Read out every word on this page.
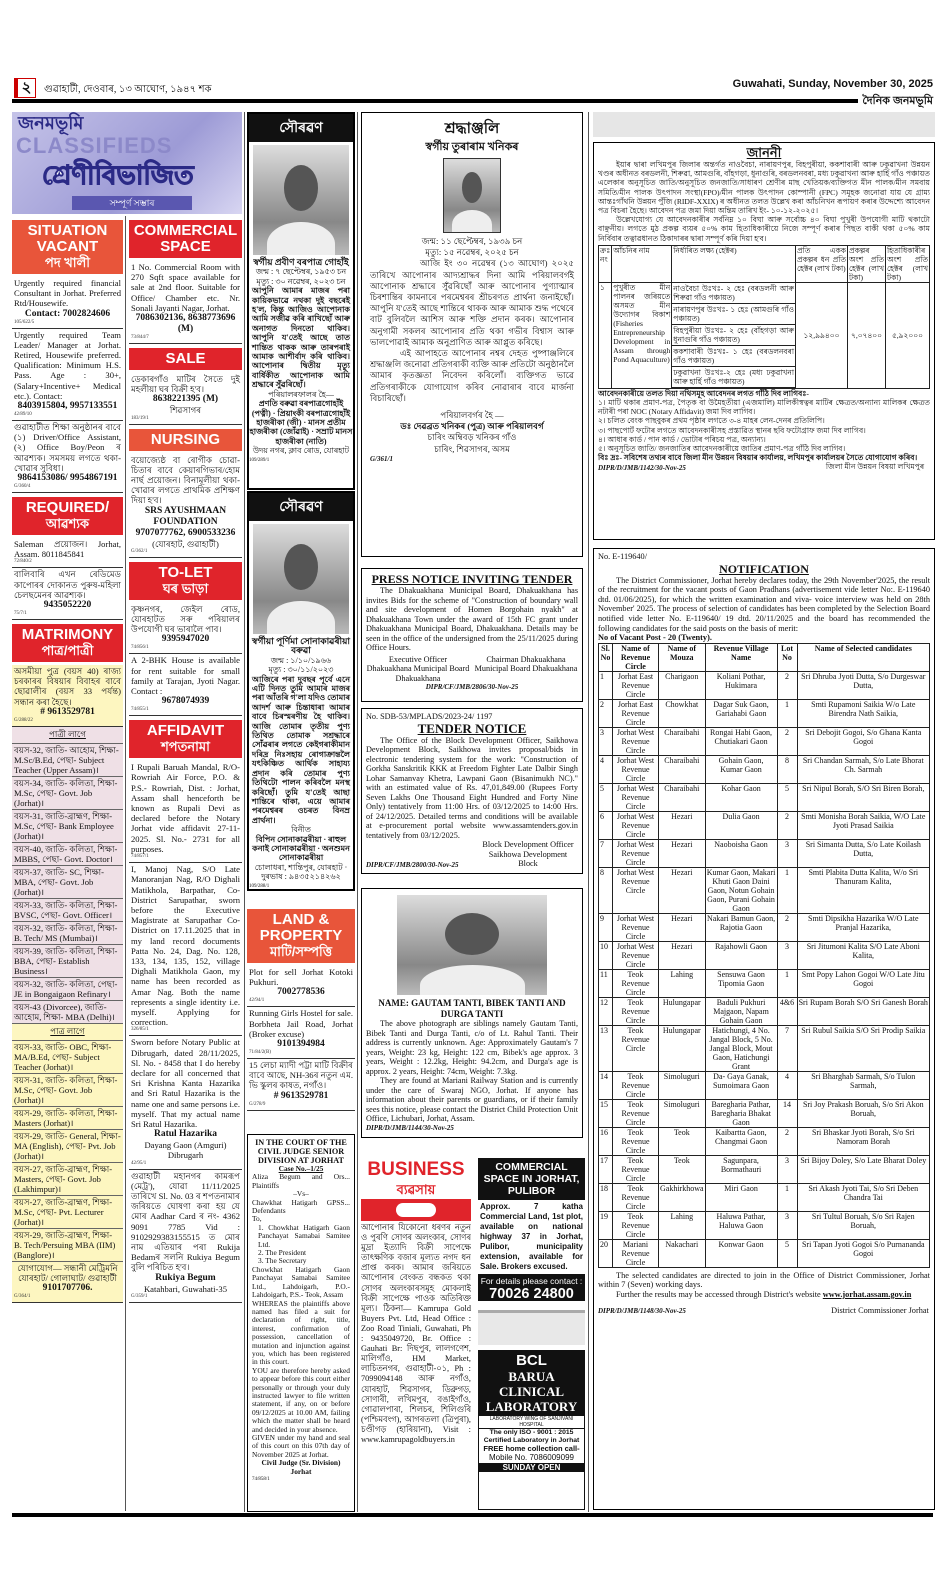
২	গুৱাহাটী, দেওবাৰ, ১৩ আঘোণ, ১৯৪৭ শক	Guwahati, Sunday, November 30, 2025
দৈনিক জনমভূমি
জনমভূমি
CLASSIFIEDS
শ্ৰেণীবিভাজিত
সম্পূৰ্ণ সম্ভাৰ
SITUATION VACANT
পদ খালী
Urgently required financial Consultant in Jorhat. Preferred Rtd/Housewife.
Contact: 7002824606
105/622/5
Urgently required Team Leader/ Manager at Jorhat. Retired, Housewife preferred. Qualification: Minimum H.S. Pass. Age : 30+, (Salary+Incentive+ Medical etc.). Contact:
8403915804, 9957133551
42/89/10
গুৱাহাটীত শিক্ষা অনুষ্ঠানৰ বাবে (১) Driver/Office Assistant, (২) Office Boy/Peon ৰ আৱশ্যক। সমসময় লগতে থকা-খোৱাৰ সুবিধা।
9864153086/ 9954867191
G/360/4
REQUIRED/
আৱশ্যক
Saleman প্ৰয়োজন। Jorhat, Assam. 8011845841
72/840/2
বালিবাৰি এখন ৰেডিমেড কাপোৰৰ দোকানত পুৰুষ-মহিলা চেলছমেনৰ আৱশ্যক।
9435052220
75/7/1
MATRIMONY
পাত্ৰ/পাত্ৰী
অসমীয়া পুত্ৰ (বয়স 40) ৰাজ্য চৰকাৰৰ বিষয়াৰ বিবাহৰ বাবে ছোৱালীৰ (বয়স 33 পৰ্যন্ত) সন্ধান কৰা হৈছে।
# 9613529781
G/288/22
পাত্ৰী লাগে
বয়স-32, জাতি- আহোম, শিক্ষা- M.Sc/B.Ed, পেছা- Subject Teacher (Upper Assam)।
বয়স-34, জাতি- কলিতা, শিক্ষা- M.Sc, পেছা- Govt. Job (Jorhat)।
বয়স-31, জাতি-ব্ৰাহ্মণ, শিক্ষা- M.Sc, পেছা- Bank Employee (Jorhat)।
বয়স-40, জাতি- কলিতা, শিক্ষা- MBBS, পেছা- Govt. Doctor।
বয়স-37, জাতি- SC, শিক্ষা- MBA, পেছা- Govt. Job (Jorhat)।
বয়স-33, জাতি- কলিতা, শিক্ষা- BVSC, পেছা- Govt. Officer।
বয়স-32, জাতি- কলিতা, শিক্ষা- B. Tech/ MS (Mumbai)।
বয়স-39, জাতি- কলিতা, শিক্ষা- BBA, পেছা- Establish Business।
বয়স-32, জাতি- কলিতা, পেছা- JE in Bongaigaon Refinary।
বয়স-43 (Divorcee), জাতি- আহোম, শিক্ষা- MBA (Delhi)।
পাত্ৰ লাগে
বয়স-33, জাতি- OBC, শিক্ষা- MA/B.Ed, পেছা- Subject Teacher (Jorhat)।
বয়স-31, জাতি- কলিতা, শিক্ষা- M.Sc, পেছা- Govt. Job (Jorhat)।
বয়স-29, জাতি- কলিতা, শিক্ষা- Masters (Jorhat)।
বয়স-29, জাতি- General, শিক্ষা- MA (English), পেছা- Pvt. Job (Jorhat)।
বয়স-27, জাতি-ব্ৰাহ্মণ, শিক্ষা- Masters, পেছা- Govt. Job (Lakhimpur)।
বয়স-27, জাতি-ব্ৰাহ্মণ, শিক্ষা- M.Sc, পেছা- Pvt. Lecturer (Jorhat)।
বয়স-29, জাতি-ব্ৰাহ্মণ, শিক্ষা- B. Tech/Persuing MBA (IIM) (Banglore)।
যোগাযোগ— সন্ধানী মেট্ৰিমনি যোৰহাট/ গোলাঘাট/ গুৱাহাটী
9101707706.
G/364/1
COMMERCIAL SPACE
1 No. Commercial Room with 270 Sqft space available for sale at 2nd floor. Suitable for Office/ Chamber etc. Nr. Sonali Jayanti Nagar, Jorhat.
7086302136, 8638773696 (M)
73/844/7
SALE
ডেকাৰগাঁও মাটিৰ সৈতে দুই মহলীয়া ঘৰ বিক্ৰী হ'ব।
8638221395 (M)
শিৱসাগৰ
183/19/1
NURSING
বয়োজ্যেষ্ঠ বা ৰোগীক চোৱা-চিতাৰ বাবে কেয়াৰগিভাৰ/হোম নাৰ্ছ প্ৰয়োজন। বিনামূলীয়া থকা-খোৱাৰ লগতে প্ৰাথমিক প্ৰশিক্ষণ দিয়া হ'ব।
SRS AYUSHMAAN FOUNDATION 9707077762, 6900533236
(যোৰহাট, গুৱাহাটী)
G/362/1
TO-LET
ঘৰ ভাড়া
কৃষ্ণনগৰ, জেইল ৰোড, যোৰহাটত সৰু পৰিয়ালৰ উপযোগী ঘৰ ভাৰালৈ পাব।
9395947020
74/856/1
A 2-BHK House is available for rent suitable for small family at Tarajan, Jyoti Nagar. Contact :
9678074939
74/855/1
AFFIDAVIT
শপতনামা
I Rupali Baruah Mandal, R/O- Rowriah Air Force, P.O. & P.S.- Rowriah, Dist. : Jorhat, Assam shall henceforth be known as Rupali Devi as declared before the Notary Jorhat vide affidavit 27-11-2025. Sl. No.- 2731 for all purposes.
74/857/1
I, Manoj Nag, S/O Late Manoranjan Nag, R/O Dighali Matikhola, Barpathar, Co-District Sarupathar, sworn before the Executive Magistrate at Sarupathar Co-District on 17.11.2025 that in my land record documents Patta No. 24, Dag. No. 128, 133, 134, 135, 152, village Dighali Matikhola Gaon, my name has been recorded as Amar Nag. Both the name represents a single identity i.e. myself. Applying for correction.
326/85/1
Sworn before Notary Public at Dibrugarh, dated 28/11/2025, Sl. No. - 8458 that I do hereby declare for all concerned that Sri Krishna Kanta Hazarika and Sri Ratul Hazarika is the name one and same persons i.e. myself. That my actual name Sri Ratul Hazarika.
Ratul Hazarika
Dayang Gaon (Amguri) Dibrugarh
42/95/1
গুৱাহাটী মহানগৰ কামৰূপ (মেট্ৰ'), যোৱা 11/11/2025 তাৰিখে Sl. No. 03 ৰ শপতনামাৰ জৰিয়তে ঘোষণা কৰা হয় যে মোৰ Aadhar Card ৰ নং- 4362 9091 7785 Vid : 9102929383155515 ত মোৰ নাম এতিয়াৰ পৰা Rukija Bedamৰ সলনি Rukiya Begum বুলি পৰিচিত হ'ব।
Rukiya Begum
Katahbari, Guwahati-35
G/359/1
সৌৰৱণ
স্বৰ্গীয় প্ৰবীণ বৰপাত্ৰ গোহাঁই
জন্ম : ৭ ছেপ্টেম্বৰ, ১৯৫৩ চন
মৃত্যু : ৩০ নৱেম্বৰ, ২০২৩ চন
আপুনি আমাৰ মাজৰ পৰা কায়িকভাৱে নথকা দুই বছৰেই হ'ল, কিন্তু আজিও আপোনাক আমি সজীৱ কৰি ৰাখিছোঁ আৰু অনাগত দিনতো থাকিব। আপুনি য'তেই আছে তাত শান্তিত থাকক আৰু তাৰপৰাই আমাক আশীৰ্বাদ কৰি থাকিব। আপোনাৰ দ্বিতীয় মৃত্যু বাৰ্ষিকীত আপোনাক আমি শ্ৰদ্ধাৰে সুঁৱৰিছোঁ।
পৰিয়ালৰফালৰ হৈ—
প্ৰণতি বৰুৱা বৰপাত্ৰগোহাঁই (পত্নী) · প্ৰিয়াংকী বৰপাত্ৰগোহাঁই হাজৰীকা (জী) · মানস প্ৰতীম হাজৰীকা (জোঁৱাই) · সম্ৰাট মানস হাজৰীকা (নাতি)
উদয় নগৰ, ক্লাব ৰোড, যোৰহাট
109/289/1
সৌৰৱণ
স্বৰ্গীয়া পূৰ্ণিমা সোনাকাৱৰীয়া বৰুৱা
জন্ম : ১/১০/১৯৬৬
মৃত্যু : ৩০/১১/২০২৩
আজিৰে পৰা দুবছৰ পূৰ্বে এনে এটি দিনত তুমি আমাৰ মাজৰ পৰা আঁতৰি গ'লা যদিও তোমাৰ আদৰ্শ আৰু চিন্তাধাৰা আমাৰ বাবে চিৰস্মৰণীয় হৈ থাকিব। আজি তোমাৰ তৃতীয় পুণ্য তিথিত তোমাক সশ্ৰদ্ধাৰে সোঁৱৰাৰ লগতে কেইগৰাকীমান দৰিদ্ৰ নিঃসহায় ৰোগাক্ৰান্তলৈ যৎকিঞ্চিত আৰ্থিক সাহায্য প্ৰদান কৰি তোমাৰ পুণ্য তিথিটো পালন কৰিবলৈ মনস্থ কৰিছোঁ। তুমি য'তেই আছা শান্তিৰে থাকা, এয়ে আমাৰ পৰমেশ্বৰৰ ওচৰত বিনম্ৰ প্ৰাৰ্থনা।
বিনীত
বিপিন সোনাকাৱৰীয়া · ৰাহুল কনাই সোনাকাৱৰীয়া · অনশুমন সোনাকাৱৰীয়া
চোলাধৰা, শান্তিপুৰ, যোৰহাট · দুৰভাষ : ৯৪৩৫২১৪২৬২
109/288/1
LAND & PROPERTY
মাটি/সম্পত্তি
Plot for sell Jorhat Kotoki Pukhuri.
7002778536
42/94/1
Running Girls Hostel for sale. Borbheta Jail Road, Jorhat (Broker excuse)
9101394984
71/84/2(B)
15 লেচা ম্যাদী পট্টা মাটি বিক্ৰীৰ বাবে আছে, NH-36ৰ নতুন এম. ভি স্কুলৰ কাষত, নগাঁও।
# 9613529781
G/278/9
IN THE COURT OF THE CIVIL JUDGE SENIOR DIVISION AT JORHAT
Case No.–1/25
Aliza Begum and Ors... Plaintiffs
–Vs–
Chawkhat Hatigarh GPSS... Defendants
To,
1. Chowkhat Hatigarh Gaon Panchayat Samabai Samitee Ltd.
2. The President
3. The Secretary
Chowkhat Hatigarh Gaon Panchayat Samabai Samitee Ltd., Lahdoigarh, P.O.- Lahdoigarh, P.S.- Teok, Assam
WHEREAS the plaintiffs above named has filed a suit for declaration of right, title, interest, confirmation of possession, cancellation of mutation and injunction against you, which has been registered in this court.
YOU are therefore hereby asked to appear before this court either personally or through your duly instructed lawyer to file written statement, if any, on or before 09/12/2025 at 10.00 AM, failing which the matter shall be heard and decided in your absence.
GIVEN under my hand and seal of this court on this 07th day of November 2025 at Jorhat.
Civil Judge (Sr. Division) Jorhat
74/858/1
শ্ৰদ্ধাঞ্জলি
স্বৰ্গীয় তুৰাৰাম খনিকৰ
জন্ম: ১১ ছেপ্টেম্বৰ, ১৯৩৯ চন
মৃত্যু: ১৫ নৱেম্বৰ, ২০২৫ চন
আজি ইং ৩০ নৱেম্বৰ (১৩ আঘোণ) ২০২৫ তাৰিখে আপোনাৰ আদ্যশ্ৰাদ্ধৰ দিনা আমি পৰিয়ালবৰ্গই আপোনাক শ্ৰদ্ধাৰে সুঁৱৰিছোঁ আৰু আপোনাৰ পুণ্যাত্মাৰ চিৰশান্তিৰ কামনাৰে পৰমেশ্বৰৰ শ্ৰীচৰণত প্ৰাৰ্থনা জনাইছোঁ। আপুনি য'তেই আছে শান্তিৰে থাকক আৰু আমাক শুদ্ধ পথেৰে বাট বুলিবলৈ আশিস আৰু শক্তি প্ৰদান কৰক। আপোনাৰ অনুগামী সকলৰ আপোনাৰ প্ৰতি থকা গভীৰ বিশ্বাস আৰু ভালপোৱাই আমাক অনুপ্ৰাণিত আৰু আপ্লুত কৰিছে।
এই আপাহতে আপোনাৰ নশ্বৰ দেহত পুষ্পাঞ্জলিৰে শ্ৰদ্ধাঞ্জলি জনোৱা প্ৰতিগৰাকী ব্যক্তি আৰু প্ৰতিটো অনুষ্ঠানলৈ আমাৰ কৃতজ্ঞতা নিবেদন কৰিলোঁ। ব্যক্তিগত ভাৱে প্ৰতিগৰাকীকে যোগাযোগ কৰিব নোৱাৰাৰ বাবে মাৰ্জনা বিচাৰিছোঁ।
পৰিয়ালবৰ্গৰ হৈ —
ডঃ দেৱব্ৰত খনিকৰ (পুত্ৰ) আৰু পৰিয়ালবৰ্গ
চাৰিং অম্বিবড় খনিকৰ গাঁও
চাৰিং, শিৱসাগৰ, অসম
G/361/1
PRESS NOTICE INVITING TENDER
The Dhakuakhana Municipal Board, Dhakuakhana has invites Bids for the scheme of "Construction of boundary wall and site development of Homen Borgohain nyakh" at Dhakuakhana Town under the award of 15th FC grant under Dhakuakhana Municipal Board, Dhakuakhana. Details may be seen in the office of the undersigned from the 25/11/2025 during Office Hours.
Executive Officer Dhakuakhana Municipal Board Dhakuakhana
Chairman Dhakuakhana Municipal Board Dhakuakhana
DIPR/CF/JMB/2806/30-Nov-25
No. SDB-53/MPLADS/2023-24/ 1197
TENDER NOTICE
The Office of the Block Development Officer, Saikhowa Development Block, Saikhowa invites proposal/bids in electronic tendering system for the work: "Construction of Gorkha Sanskritik KKK at Freedom Fighter Late Dalbir Singh Lohar Samanvay Khetra, Lawpani Gaon (Bisanimukh NC)." with an estimated value of Rs. 47,01,849.00 (Rupees Forty Seven Lakhs One Thousand Eight Hundred and Forty Nine Only) tentatively from 11:00 Hrs. of 03/12/2025 to 14:00 Hrs. of 24/12/2025. Detailed terms and conditions will be available at e-procurement portal website www.assamtenders.gov.in tentatively from 03/12/2025.
DIPR/CF/JMB/2800/30-Nov-25
Block Development Officer Saikhowa Development Block
NAME: GAUTAM TANTI, BIBEK TANTI AND DURGA TANTI
The above photograph are siblings namely Gautam Tanti, Bibek Tanti and Durga Tanti, c/o of Lt. Rahul Tanti. Their address is currently unknown. Age: Approximately Gautam's 7 years, Weight: 23 kg, Height: 122 cm, Bibek's age approx. 3 years, Weight : 12.2kg, Height: 94.2cm, and Durga's age is approx. 2 years, Height: 74cm, Weight: 7.3kg.
They are found at Mariani Railway Station and is currently under the care of Swaraj NGO, Jorhat. If anyone has information about their parents or guardians, or if their family sees this notice, please contact the District Child Protection Unit Office, Lichubari, Jorhat, Assam.
DIPR/D/JMB/1144/30-Nov-25
BUSINESS
ব্যৱসায়
আপোনাৰ যিকোনো ধৰণৰ নতুন ও পুৰণি সোণৰ অলংকাৰ, সোণৰ মুদ্ৰা ইত্যাদি বিক্ৰী সাপেক্ষে তাৎক্ষণিক বজাৰ মূল্যত নগদ ধন প্ৰাপ্ত কৰক। আমাৰ জৰিয়তে আপোনাৰ বেংকত বন্ধকত থকা সোণৰ অলংকাৰসমূহ মোকলাই বিক্ৰী সাপেক্ষে পাওক অতিৰিক্ত মূল্য। ঠিকনা— Kamrupa Gold Buyers Pvt. Ltd, Head Office : Zoo Road Tiniali, Guwahati, Ph : 9435049720, Br. Office : Gauhati Br: দিছপুৰ, লালগণেশ, মালিগাঁও, HM Market, লাচিতনগৰ, গুৱাহাটী-০১, Ph : 7099094148 আৰু নগাঁও, যোৰহাট, শিৱসাগৰ, ডিব্ৰুগড়, সোণাৰী, লখিমপুৰ, বঙাইগাঁও, গোৱালপাৰা, শিলচৰ, শিলিগুৰি (পশ্চিমবংগ), আগৰতলা (ত্ৰিপুৰা), চণ্ডীগড় (হাৰিয়ানা), Visit : www.kamrupagoldbuyers.in
COMMERCIAL SPACE IN JORHAT, PULIBOR
Approx. 7 katha Commercial Land, 1st plot, available on national highway 37 in Jorhat, Pulibor, municipality extension, available for Sale. Brokers excused.
For details please contact :
70026 24800
BCL
BARUA
CLINICAL
LABORATORY
LABORATORY WING OF SANJIVANI HOSPITAL
The only ISO - 9001 : 2015 Certified Laboratory in Jorhat
FREE home collection call-
Mobile No. 7086009099
SUNDAY OPEN
জাননী
ইয়াৰ দ্বাৰা লখিমপুৰ জিলাৰ অন্তৰ্গত নাওবৈচা, নাৰায়ণপুৰ, বিহপুৰীয়া, ককশাবাৰী আৰু ঢকুৱাখনা উন্নয়ন খণ্ডৰ অধীনত বৰডলনী, শিৰুৱা, আমগুৰি, বাঁহগড়া, ধুনাগুৰি, বৰডলনবৰা, মধ্য ঢকুৱাখনা আৰু হাৰ্হি গাঁও পঞ্চায়ত এলেকাৰ অনুসূচিত জাতি/অনুসূচিত জনজাতি/সাধাৰণ শ্ৰেণীৰ মাছ খেতিয়ক/ব্যক্তিগত মীন পালক/মীন সমবায় সমিতি/মীন পালক উৎপাদন সংস্থা(FPO)/মীন পালক উৎপাদন কোম্পানী (FPC) সমূহক জনোৱা যায় যে গ্ৰাম্য আন্তঃগাঁথনি উন্নয়ন পুঁজি (RIDF-XXIX) ৰ অধীনত তলত উল্লেখ কৰা আঁচনিখন ৰূপায়ণ কৰাৰ উদ্দেশ্যে আবেদন পত্ৰ বিচৰা হৈছে। আবেদন পত্ৰ জমা দিয়া অন্তিম তাৰিখ ইং- ১০-১২-২০২৫।
উল্লেখযোগ্য যে আবেদনকাৰীৰ সৰ্বনিম্ন ১০ বিঘা আৰু সৰ্বোচ্চ ৪০ বিঘা পুখুৰী উপযোগী মাটি থকাটো বাঞ্ছনীয়। লগতে মুঠ প্ৰকল্প ব্যয়ৰ ৫০% কাম হিতাধিকাৰীয়ে নিজে সম্পূৰ্ণ কৰাৰ পিছত বাকী থকা ৫০% কাম নিৰ্বিবাৰ তত্বাৱধানত ঠিকাদাৰৰ দ্বাৰা সম্পূৰ্ণ কৰি দিয়া হ'ব।
ক্ৰঃ নং	আঁচনিৰ নাম	নিৰ্ধাৰিত লক্ষ্য (হেক্টৰ)	প্ৰতি একক প্ৰকল্পৰ ধন প্ৰতি হেক্টৰ (লাখ টকা)	প্ৰকল্পৰ অংশ প্ৰতি হেক্টৰ (লাখ টকা)	হিতাধিকাৰীৰ অংশ প্ৰতি হেক্টৰ (লাখ টকা)
১	পুখুৰীত মীন পালনৰ জৰিয়তে অসমত মীন উদ্যোগৰ বিকাশ (Fisheries Entrepreneurship Development in Assam through Pond Aquaculture)	নাওবৈচা উঃখঃ- ২ হেঃ (বৰডলনী আৰু শিৰুৱা গাঁও পঞ্চায়ত)
নাৰায়ণপুৰ উঃখঃ- ১ হেঃ (আমগুৰি গাঁও পঞ্চায়ত)
বিহপুৰীয়া উঃখঃ- ২ হেঃ (বাঁহগড়া আৰু ধুনাগুৰি গাঁও পঞ্চায়ত)
ককশাবাৰী উঃখঃ- ১ হেঃ (বৰডলনবৰা গাঁও পঞ্চায়ত)
ঢকুৱাখনা উঃখঃ-২ হেঃ (মধ্য ঢকুৱাখনা আৰু হাৰ্হি গাঁও পঞ্চায়ত)	১২,৯৯৪০০	৭,০৭৪০০	৫,৯২০০০
আবেদনকাৰীয়ে তলত দিয়া নথিসমূহ আবেদনৰ লগত গাঁঠি দিব লাগিবঃ-
১। মাটি থকাৰ প্ৰমাণ-পত্ৰ, পৈতৃক বা উমৈহতীয়া (এজমালি) মালিকীস্বত্বৰ মাটিৰ ক্ষেত্ৰত/অন্যান্য মালিকৰ ক্ষেত্ৰত নটাৰী পৰা NOC (Notary Affidavit) জমা দিব লাগিব।
২। চলিত বেংক পাছবুকৰ প্ৰথম পৃষ্ঠাৰ লগতে ৩-৪ মাহৰ লেন-দেনৰ প্ৰতিলিপি।
৩। পাছপোৰ্ট ফটোৰ লগতে আবেদনকাৰীসহ প্ৰস্তাৱিত স্থানৰ ছবি ফটোগ্ৰাফ জমা দিব লাগিব।
৪। আধাৰ কাৰ্ড / পান কাৰ্ড / ভোটাৰ পৰিচয় পত্ৰ, অন্যান্য।
৫। অনুসূচিত জাতি/ জনজাতিৰ আবেদনকাৰীয়ে জাতিৰ প্ৰমাণ-পত্ৰ গাঁঠি দিব লাগিব।
বিঃ দ্ৰঃ- সবিশেষ তথ্যৰ বাবে জিলা মীন উন্নয়ন বিষয়াৰ কাৰ্যালয়, লখিমপুৰ কাৰ্যালয়ৰ সৈতে যোগাযোগ কৰিব।
DIPR/D/JMB/1142/30-Nov-25	জিলা মীন উন্নয়ন বিষয়া লখিমপুৰ
No. E-119640/
NOTIFICATION
The District Commissioner, Jorhat hereby declares today, the 29th November'2025, the result of the recruitment for the vacant posts of Gaon Pradhans (advertisement vide letter No:. E-119640 dtd. 01/06/2025), for which the written examination and viva- voice interview was held on 28th November' 2025. The process of selection of candidates has been completed by the Selection Board notified vide letter No. E-119640/ 19 dtd. 20/11/2025 and the board has recommended the following candidates for the said posts on the basis of merit:
No of Vacant Post - 20 (Twenty).
Sl. No	Name of Revenue Circle	Name of Mouza	Revenue Village Name	Lot No	Name of Selected candidates
1	Jorhat East Revenue Circle	Charigaon	Koliani Pothar, Hukimara	2	Sri Dhruba Jyoti Dutta, S/o Durgeswar Dutta,
2	Jorhat East Revenue Circle	Chowkhat	Dagar Suk Gaon, Gariahabi Gaon	1	Smti Rupamoni Saikia W/o Late Birendra Nath Saikia,
3	Jorhat West Revenue Circle	Charaibahi	Rongai Habi Gaon, Chutiakari Gaon	2	Sri Debojit Gogoi, S/o Ghana Kanta Gogoi
4	Jorhat West Revenue Circle	Charaibahi	Gohain Gaon, Kumar Gaon	8	Sri Chandan Sarmah, S/o Late Bhorat Ch. Sarmah
5	Jorhat West Revenue Circle	Charaibahi	Kohar Gaon	5	Sri Nipul Borah, S/O Sri Biren Borah,
6	Jorhat West Revenue Circle	Hezari	Dulia Gaon	2	Smti Monisha Borah Saikia, W/O Late Jyoti Prasad Saikia
7	Jorhat West Revenue Circle	Hezari	Naoboisha Gaon	3	Sri Simanta Dutta, S/o Late Koilash Dutta,
8	Jorhat West Revenue Circle	Hezari	Kumar Gaon, Makari Khuti Gaon Daini Gaon, Notun Gohain Gaon, Purani Gohain Gaon	1	Smti Plabita Dutta Kalita, W/o Sri Thanuram Kalita,
9	Jorhat West Revenue Circle	Hezari	Nakari Bamun Gaon, Rajotia Gaon	2	Smti Dipsikha Hazarika W/O Late Pranjal Hazarika,
10	Jorhat West Revenue Circle	Hezari	Rajahowli Gaon	3	Sri Jitumoni Kalita S/O Late Aboni Kalita,
11	Teok Revenue Circle	Lahing	Sensuwa Gaon Tipomia Gaon	1	Smt Popy Lahon Gogoi W/O Late Jitu Gogoi
12	Teok Revenue Circle	Hulungapar	Baduli Pukhuri Majgaon, Napam Gohain Gaon	4&6	Sri Rupam Borah S/O Sri Ganesh Borah
13	Teok Revenue Circle	Hulungapar	Hatichungi, 4 No. Jangal Block, 5 No. Jangal Block, Mout Gaon, Hatichungi Grant	7	Sri Rubul Saikia S/O Sri Prodip Saikia
14	Teok Revenue Circle	Simoluguri	Da- Gaya Ganak, Sumoimara Gaon	4	Sri Bharghab Sarmah, S/o Tulon Sarmah,
15	Teok Revenue Circle	Simoluguri	Baregharia Pathar, Baregharia Bhakat Gaon	14	Sri Joy Prakash Boruah, S/o Sri Akon Boruah,
16	Teok Revenue Circle	Teok	Kaibartta Gaon, Changmai Gaon	2	Sri Bhaskar Jyoti Borah, S/o Sri Namoram Borah
17	Teok Revenue Circle	Teok	Sagunpara, Bormathauri	3	Sri Bijoy Doley, S/o Late Bharat Doley
18	Teok Revenue Circle	Gakhirkhowa	Miri Gaon	1	Sri Akash Jyoti Tai, S/o Sri Deben Chandra Tai
19	Teok Revenue Circle	Lahing	Haluwa Pathar, Haluwa Gaon	3	Sri Tultul Boruah, S/o Sri Rajen Boruah,
20	Mariani Revenue Circle	Nakachari	Konwar Gaon	5	Sri Tapan Jyoti Gogoi S/o Purnananda Gogoi
The selected candidates are directed to join in the Office of District Commissioner, Jorhat within 7 (Seven) working days.
Further the results may be accessed through District's website www.jorhat.assam.gov.in
DIPR/D/JMB/1148/30-Nov-25	District Commissioner Jorhat
